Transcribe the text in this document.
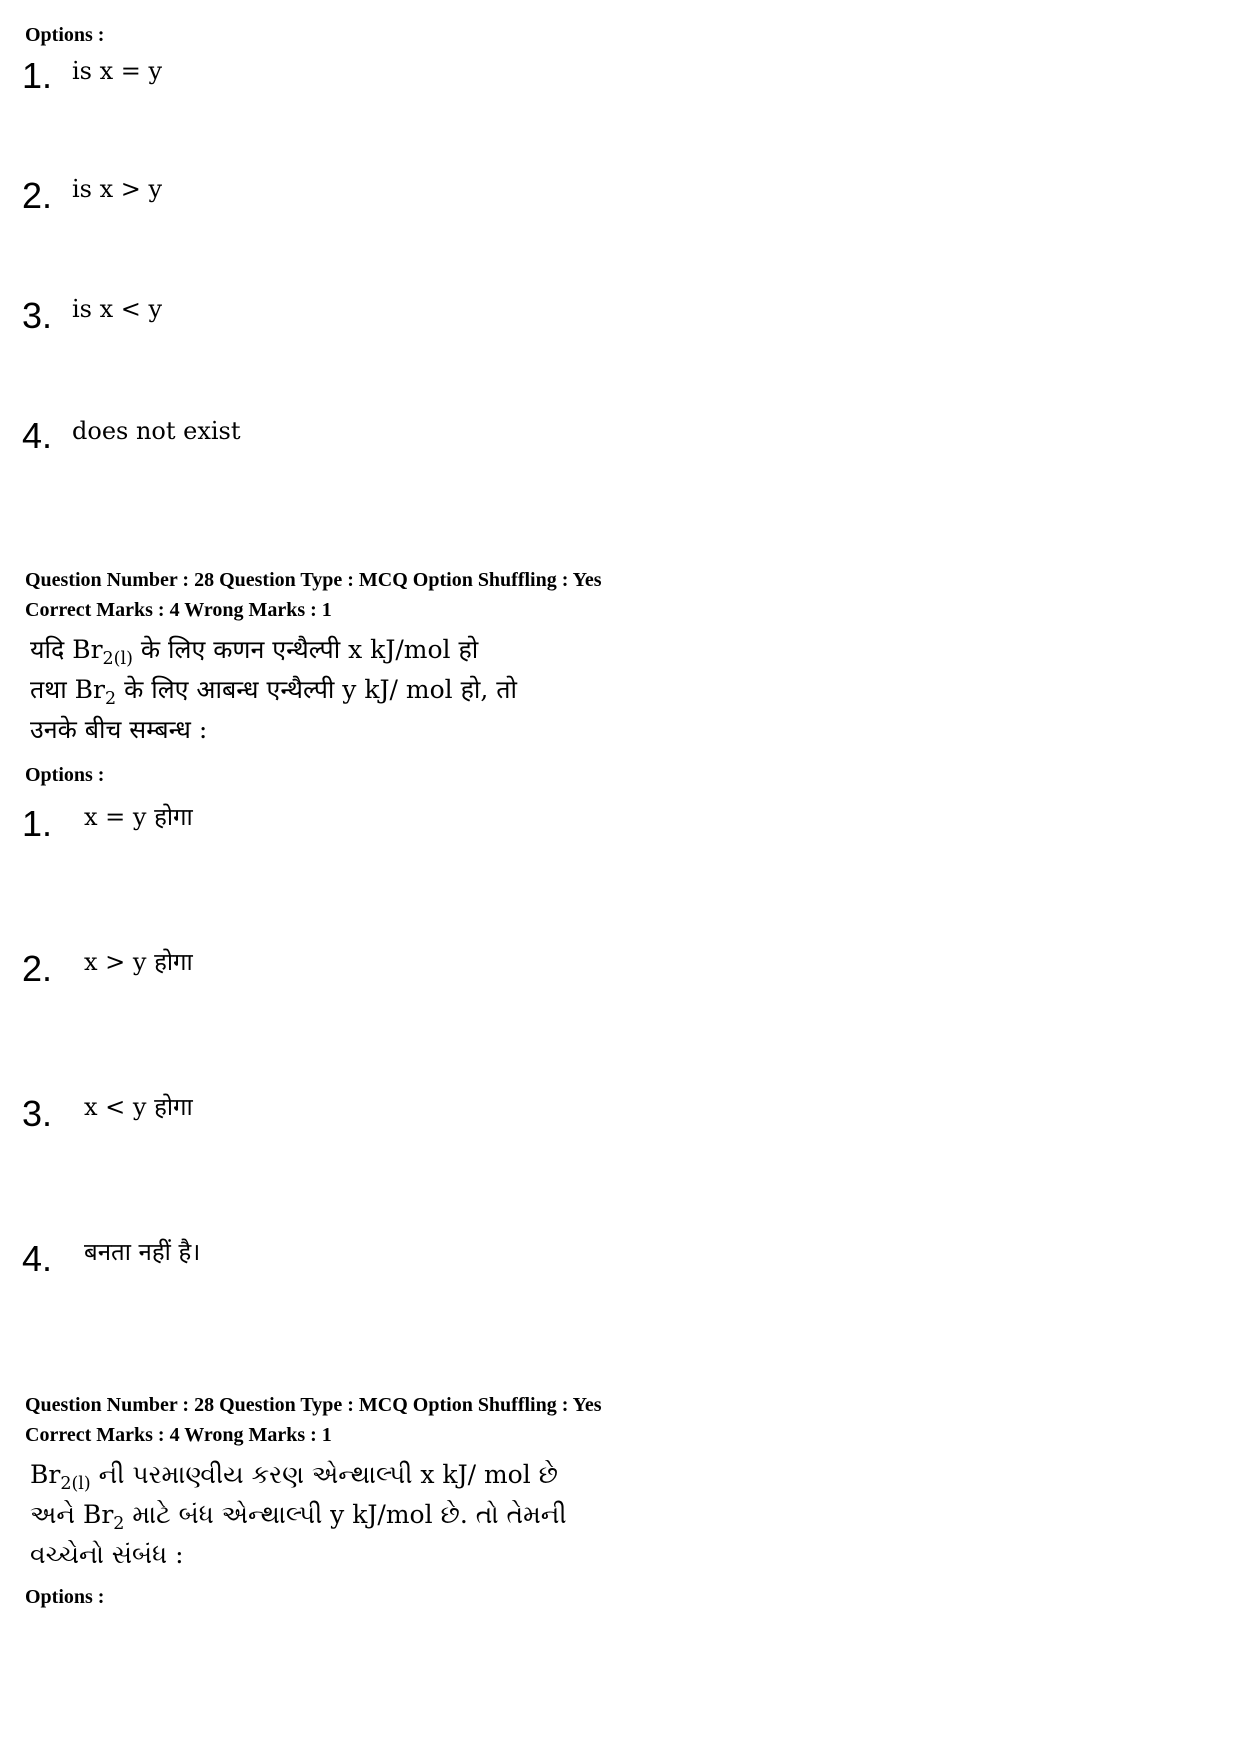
Options :
1. is x = y
2. is x > y
3. is x < y
4. does not exist
Question Number : 28 Question Type : MCQ Option Shuffling : Yes
Correct Marks : 4 Wrong Marks : 1
यदि $Br_{2(l)}$ के लिए कणन एन्थैल्पी x kJ/mol हो
तथा $Br_2$ के लिए आबन्ध एन्थैल्पी y kJ/ mol हो, तो
उनके बीच सम्बन्ध :
Options :
1.	x = y होगा
2.	x > y होगा
3.	x < y होगा
4.	बनता नहीं है।
Question Number : 28 Question Type : MCQ Option Shuffling : Yes
Correct Marks : 4 Wrong Marks : 1
$Br_{2(l)}$ ની પરમાણ્વીય કરણ એન્થાલ્પી x kJ/ mol છે
અને $Br_2$ માટે બંધ એન્થાલ્પી y kJ/mol છે. તો તેમની
વચ્ચેનો સંબંધ :
Options :
